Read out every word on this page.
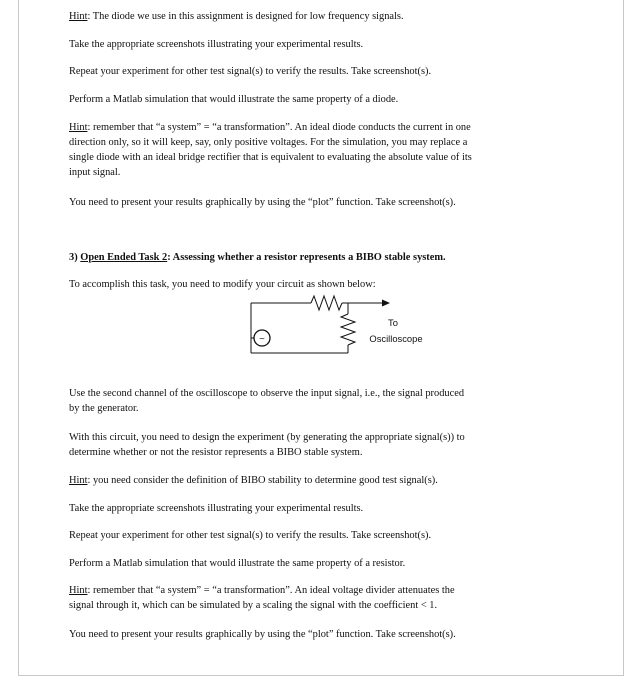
Hint: The diode we use in this assignment is designed for low frequency signals.

Take the appropriate screenshots illustrating your experimental results.

Repeat your experiment for other test signal(s) to verify the results. Take screenshot(s).

Perform a Matlab simulation that would illustrate the same property of a diode.

Hint: remember that “a system” = “a transformation”. An ideal diode conducts the current in one
direction only, so it will keep, say, only positive voltages. For the simulation, you may replace a
single diode with an ideal bridge rectifier that is equivalent to evaluating the absolute value of its
input signal.

You need to present your results graphically by using the “plot” function. Take screenshot(s).

3) Open Ended Task 2: Assessing whether a resistor represents a BIBO stable system.

To accomplish this task, you need to modify your circuit as shown below:

Use the second channel of the oscilloscope to observe the input signal, i.e., the signal produced
by the generator.
With this circuit, you need to design the experiment (by generating the appropriate signal(s)) to
determine whether or not the resistor represents a BIBO stable system.

Hint: you need consider the definition of BIBO stability to determine good test signal(s).

Take the appropriate screenshots illustrating your experimental results.

Repeat your experiment for other test signal(s) to verify the results. Take screenshot(s).

Perform a Matlab simulation that would illustrate the same property of a resistor.

Hint: remember that “a system” = “a transformation”. An ideal voltage divider attenuates the
signal through it, which can be simulated by a scaling the signal with the coefficient < 1.

You need to present your results graphically by using the “plot” function. Take screenshot(s).

~
To
Oscilloscope
